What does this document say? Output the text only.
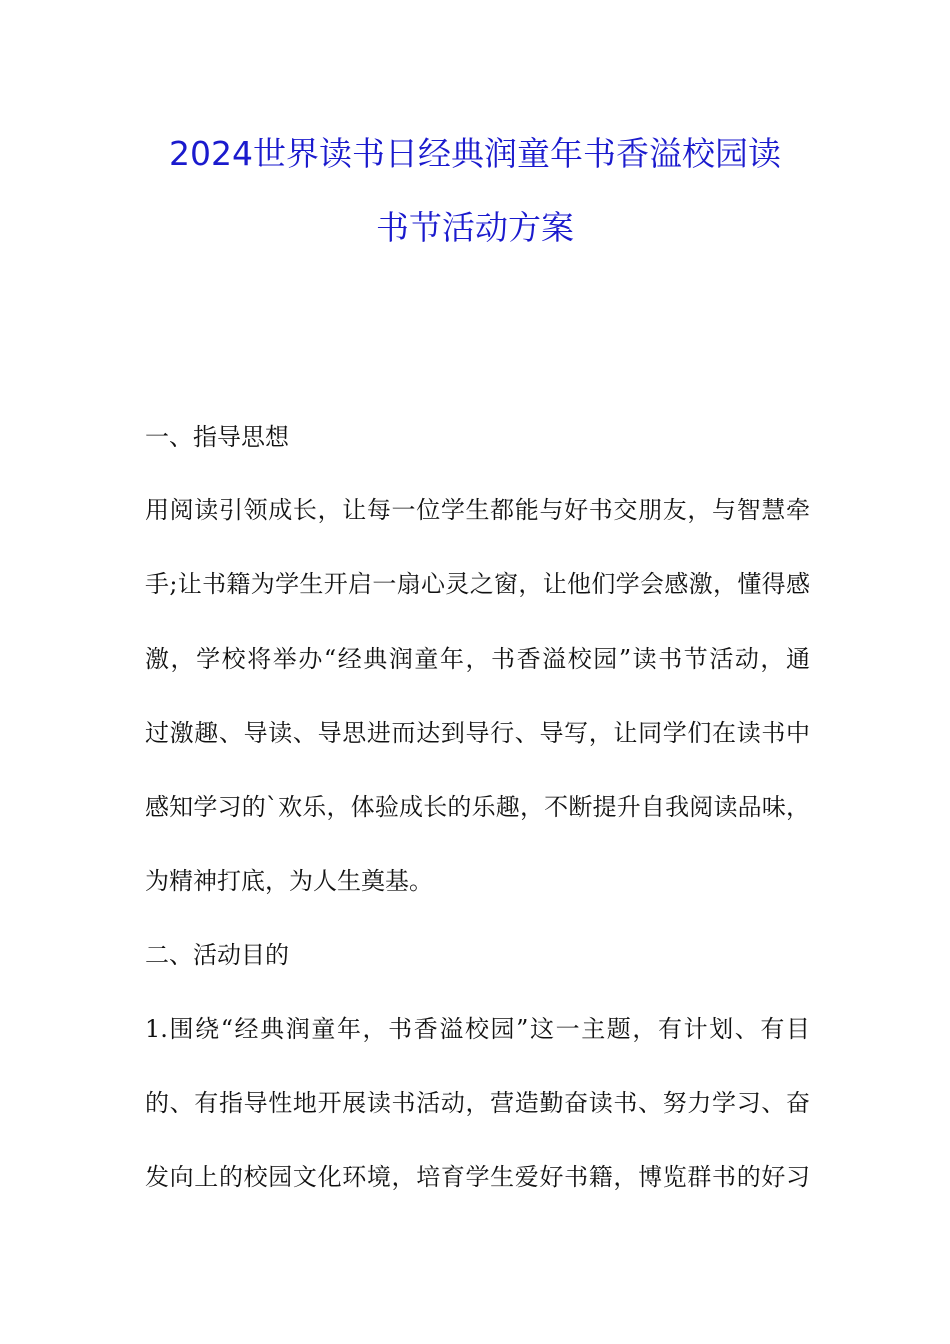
2024世界读书日经典润童年书香溢校园读
书节活动方案
一、指导思想
用阅读引领成长，让每一位学生都能与好书交朋友，与智慧牵
手;让书籍为学生开启一扇心灵之窗，让他们学会感激，懂得感
激，学校将举办“经典润童年，书香溢校园”读书节活动，通
过激趣、导读、导思进而达到导行、导写，让同学们在读书中
感知学习的`欢乐，体验成长的乐趣，不断提升自我阅读品味，
为精神打底，为人生奠基。
二、活动目的
1.围绕“经典润童年，书香溢校园”这一主题，有计划、有目
的、有指导性地开展读书活动，营造勤奋读书、努力学习、奋
发向上的校园文化环境，培育学生爱好书籍，博览群书的好习
